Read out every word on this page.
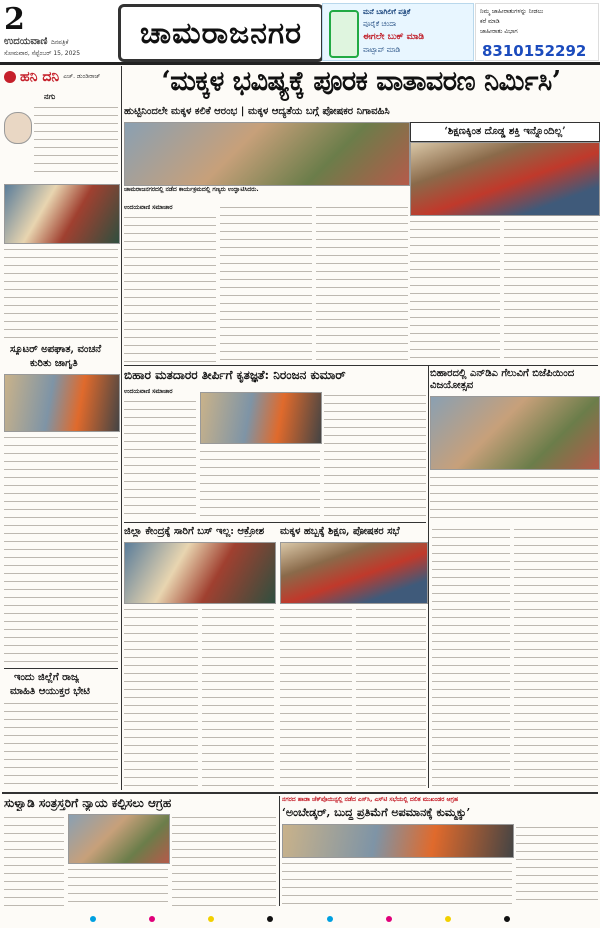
2
ಉದಯವಾಣಿ ದಿನಪತ್ರಿಕೆ
ಸೋಮವಾರ, ಸೆಪ್ಟೆಂಬರ್ 15, 2025
ಚಾಮರಾಜನಗರ
ಮನೆ ಬಾಗಿಲಿಗೆ ಪತ್ರಿಕೆ
ಪೂರೈಕೆ ಚಂದಾ
ಈಗಲೇ ಬುಕ್ ಮಾಡಿ
ವಾಟ್ಸಾಪ್ ಮಾಡಿ
ನಿಮ್ಮ ಜಾಹೀರಾತುಗಳನ್ನು ನೀಡಲು
ಕರೆ ಮಾಡಿ
ಜಾಹೀರಾತು ವಿಭಾಗ
8310152292
ಹನಿ ದನಿ ಎಚ್. ಡುಂಡಿರಾಜ್
ನಗು
ಸ್ಕೂಟರ್ ಅಪಘಾತ, ವಂಚನೆ
ಕುರಿತು ಜಾಗೃತಿ
ಇಂದು ಜಿಲ್ಲೆಗೆ ರಾಜ್ಯ
ಮಾಹಿತಿ ಆಯುಕ್ತರ ಭೇಟಿ
‘ಮಕ್ಕಳ ಭವಿಷ್ಯಕ್ಕೆ ಪೂರಕ ವಾತಾವರಣ ನಿರ್ಮಿಸಿ’
ಹುಟ್ಟಿನಿಂದಲೇ ಮಕ್ಕಳ ಕಲಿಕೆ ಆರಂಭ | ಮಕ್ಕಳ ಆದ್ಯತೆಯ ಬಗ್ಗೆ ಪೋಷಕರ ನಿಗಾವಹಿಸಿ
‘ಶಿಕ್ಷಣಕ್ಕಿಂತ ದೊಡ್ಡ ಶಕ್ತಿ ಇನ್ನೊಂದಿಲ್ಲ’
ಚಾಮರಾಜನಗರದಲ್ಲಿ ನಡೆದ ಕಾರ್ಯಕ್ರಮದಲ್ಲಿ ಗಣ್ಯರು ಉದ್ಘಾಟಿಸಿದರು.
ಉದಯವಾಣಿ ಸಮಾಚಾರ
ಬಿಹಾರ ಮತದಾರರ ತೀರ್ಪಿಗೆ ಕೃತಜ್ಞತೆ: ನಿರಂಜನ ಕುಮಾರ್	ಬಿಹಾರದಲ್ಲಿ ಎನ್‌ಡಿಎ ಗೆಲುವಿಗೆ ಬಿಜೆಪಿಯಿಂದ ವಿಜಯೋತ್ಸವ
ಉದಯವಾಣಿ ಸಮಾಚಾರ
ಜಿಲ್ಲಾ ಕೇಂದ್ರಕ್ಕೆ ಸಾರಿಗೆ ಬಸ್ ಇಲ್ಲ: ಆಕ್ರೋಶ	ಮಕ್ಕಳ ಹಬ್ಬಕ್ಕೆ ಶಿಕ್ಷಣ, ಪೋಷಕರ ಸಭೆ
ಸುಳ್ವಾಡಿ ಸಂತ್ರಸ್ತರಿಗೆ ನ್ಯಾಯ ಕಲ್ಪಿಸಲು ಆಗ್ರಹ	ನಗರದ ಹಾಡಾ ಚೆಕ್‌ಪೊಯಿನ್ಟಲ್ಲಿ ನಡೆದ ಎಸ್‌ಸಿ, ಎಸ್‌ಟಿ ಸಭೆಯಲ್ಲಿ ದಲಿತ ಮುಖಂಡರ ಆಗ್ರಹ
‘ಅಂಬೇಡ್ಕರ್, ಬುದ್ಧ ಪ್ರತಿಮೆಗೆ ಅಪಮಾನಕ್ಕೆ ಕುಮ್ಮಕ್ಕು’
